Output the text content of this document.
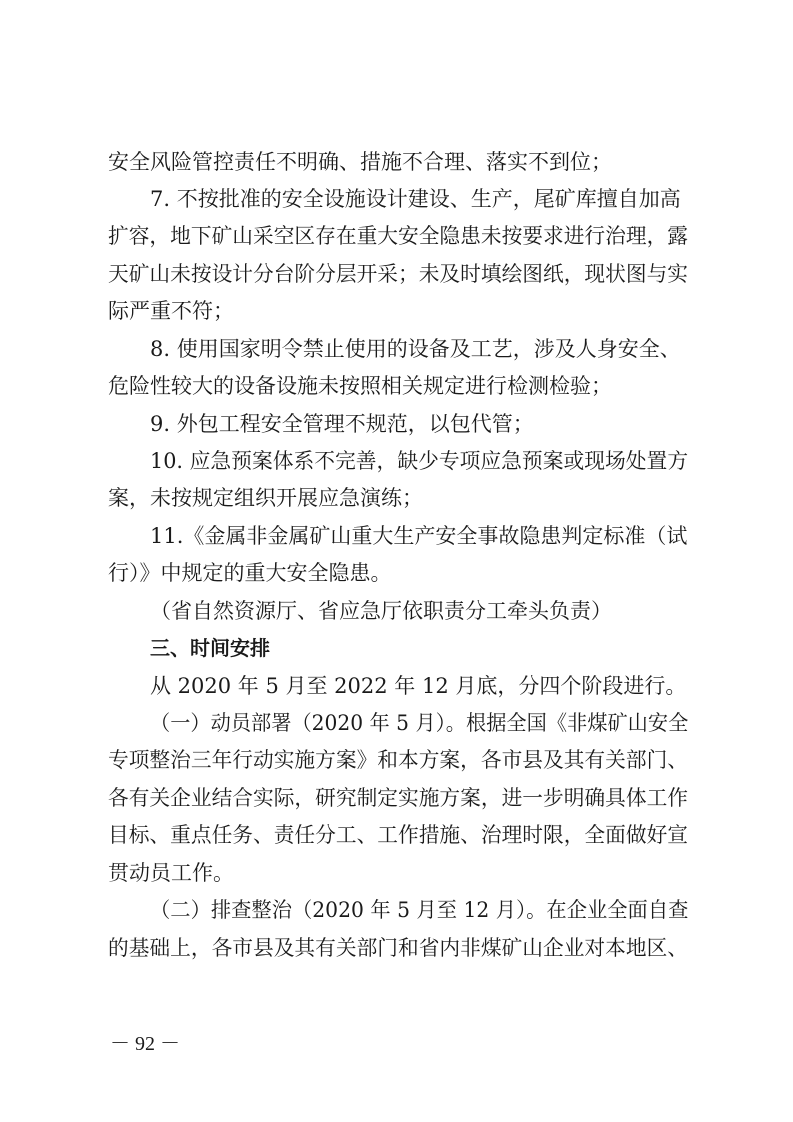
安全风险管控责任不明确、措施不合理、落实不到位；
7. 不按批准的安全设施设计建设、生产，尾矿库擅自加高
扩容，地下矿山采空区存在重大安全隐患未按要求进行治理，露
天矿山未按设计分台阶分层开采；未及时填绘图纸，现状图与实
际严重不符；
8. 使用国家明令禁止使用的设备及工艺，涉及人身安全、
危险性较大的设备设施未按照相关规定进行检测检验；
9. 外包工程安全管理不规范，以包代管；
10. 应急预案体系不完善，缺少专项应急预案或现场处置方
案，未按规定组织开展应急演练；
11.《金属非金属矿山重大生产安全事故隐患判定标准（试
行）》中规定的重大安全隐患。
（省自然资源厅、省应急厅依职责分工牵头负责）
三、时间安排
从 2020 年 5 月至 2022 年 12 月底，分四个阶段进行。
（一）动员部署（2020 年 5 月）。根据全国《非煤矿山安全
专项整治三年行动实施方案》和本方案，各市县及其有关部门、
各有关企业结合实际，研究制定实施方案，进一步明确具体工作
目标、重点任务、责任分工、工作措施、治理时限，全面做好宣
贯动员工作。
（二）排查整治（2020 年 5 月至 12 月）。在企业全面自查
的基础上，各市县及其有关部门和省内非煤矿山企业对本地区、
－ 92 －
